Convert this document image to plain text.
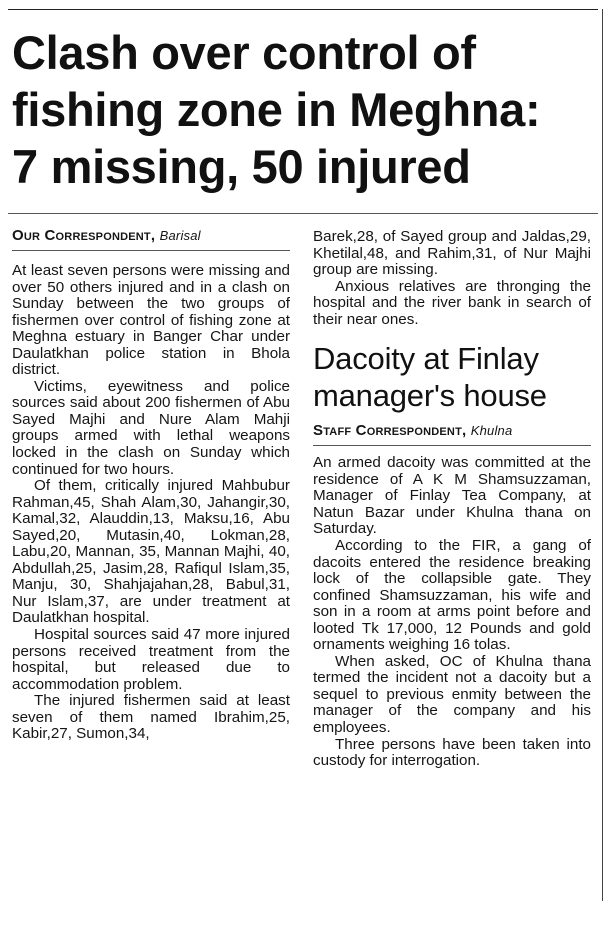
Clash over control of
fishing zone in Meghna:
7 missing, 50 injured

Our Correspondent, Barisal

At least seven persons were missing and over 50 others injured and in a clash on Sunday between the two groups of fishermen over control of fishing zone at Meghna estuary in Banger Char under Daulatkhan police station in Bhola district.

Victims, eyewitness and police sources said about 200 fishermen of Abu Sayed Majhi and Nure Alam Mahji groups armed with lethal weapons locked in the clash on Sunday which continued for two hours.

Of them, critically injured Mahbubur Rahman,45, Shah Alam,30, Jahangir,30, Kamal,32, Alauddin,13, Maksu,16, Abu Sayed,20, Mutasin,40, Lokman,28, Labu,20, Mannan, 35, Mannan Majhi, 40, Abdullah,25, Jasim,28, Rafiqul Islam,35, Manju, 30, Shahjajahan,28, Babul,31, Nur Islam,37, are under treatment at Daulatkhan hospital.

Hospital sources said 47 more injured persons received treatment from the hospital, but released due to accommodation problem.

The injured fishermen said at least seven of them named Ibrahim,25, Kabir,27, Sumon,34,

Barek,28, of Sayed group and Jaldas,29, Khetilal,48, and Rahim,31, of Nur Majhi group are missing.

Anxious relatives are thronging the hospital and the river bank in search of their near ones.

Dacoity at Finlay
manager's house

Staff Correspondent, Khulna

An armed dacoity was committed at the residence of A K M Shamsuzzaman, Manager of Finlay Tea Company, at Natun Bazar under Khulna thana on Saturday.

According to the FIR, a gang of dacoits entered the residence breaking lock of the collapsible gate. They confined Shamsuzzaman, his wife and son in a room at arms point before and looted Tk 17,000, 12 Pounds and gold ornaments weighing 16 tolas.

When asked, OC of Khulna thana termed the incident not a dacoity but a sequel to previous enmity between the manager of the company and his employees.

Three persons have been taken into custody for interrogation.
